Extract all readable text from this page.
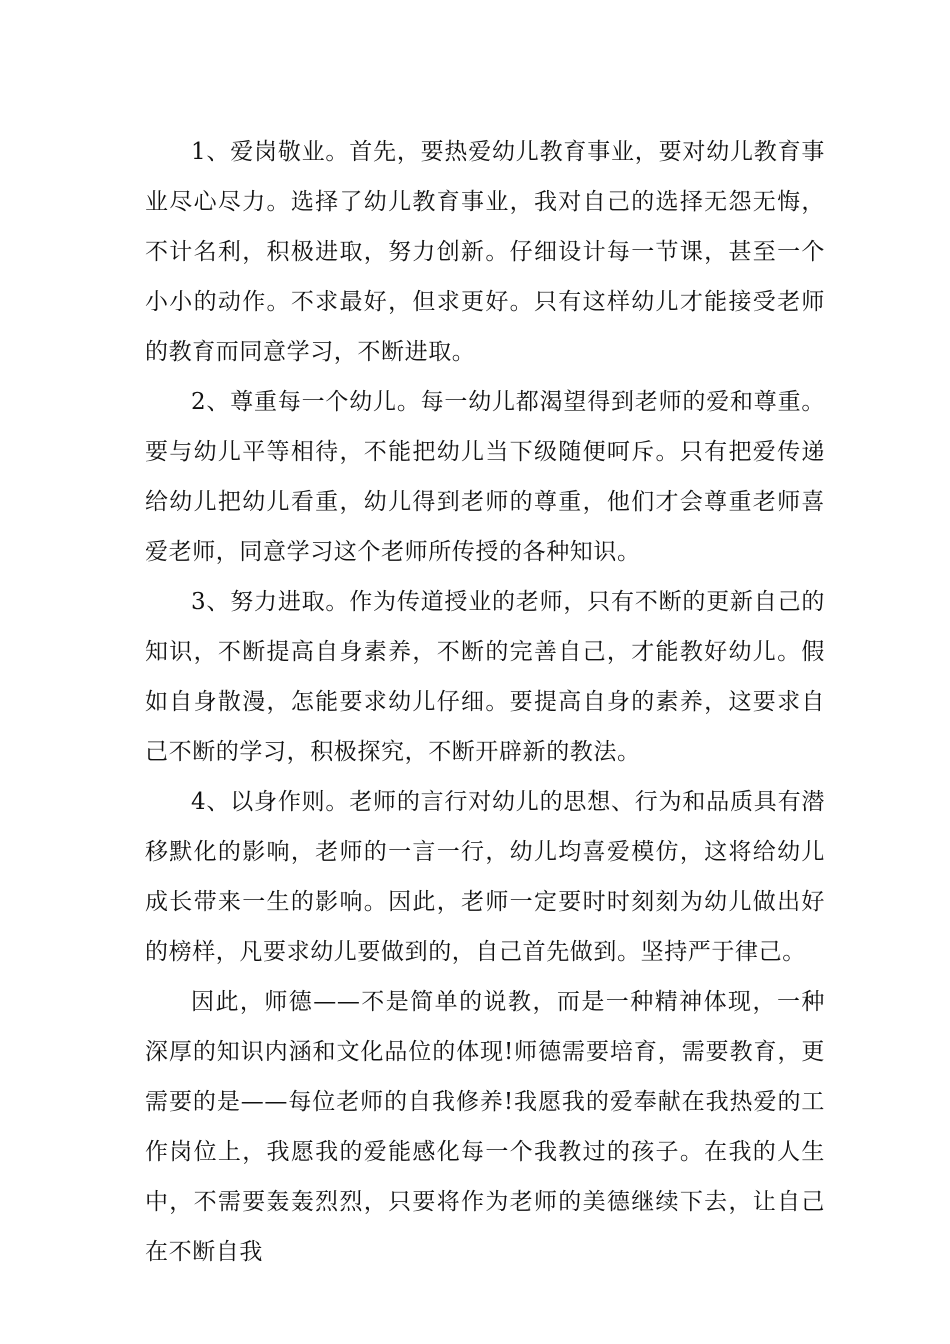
1、爱岗敬业。首先，要热爱幼儿教育事业，要对幼儿教育事业尽心尽力。选择了幼儿教育事业，我对自己的选择无怨无悔，不计名利，积极进取，努力创新。仔细设计每一节课，甚至一个小小的动作。不求最好，但求更好。只有这样幼儿才能接受老师的教育而同意学习，不断进取。

2、尊重每一个幼儿。每一幼儿都渴望得到老师的爱和尊重。要与幼儿平等相待，不能把幼儿当下级随便呵斥。只有把爱传递给幼儿把幼儿看重，幼儿得到老师的尊重，他们才会尊重老师喜爱老师，同意学习这个老师所传授的各种知识。

3、努力进取。作为传道授业的老师，只有不断的更新自己的知识，不断提高自身素养，不断的完善自己，才能教好幼儿。假如自身散漫，怎能要求幼儿仔细。要提高自身的素养，这要求自己不断的学习，积极探究，不断开辟新的教法。

4、以身作则。老师的言行对幼儿的思想、行为和品质具有潜移默化的影响，老师的一言一行，幼儿均喜爱模仿，这将给幼儿成长带来一生的影响。因此，老师一定要时时刻刻为幼儿做出好的榜样，凡要求幼儿要做到的，自己首先做到。坚持严于律己。

因此，师德——不是简单的说教，而是一种精神体现，一种深厚的知识内涵和文化品位的体现!师德需要培育，需要教育，更需要的是——每位老师的自我修养!我愿我的爱奉献在我热爱的工作岗位上，我愿我的爱能感化每一个我教过的孩子。在我的人生中，不需要轰轰烈烈，只要将作为老师的美德继续下去，让自己在不断自我
